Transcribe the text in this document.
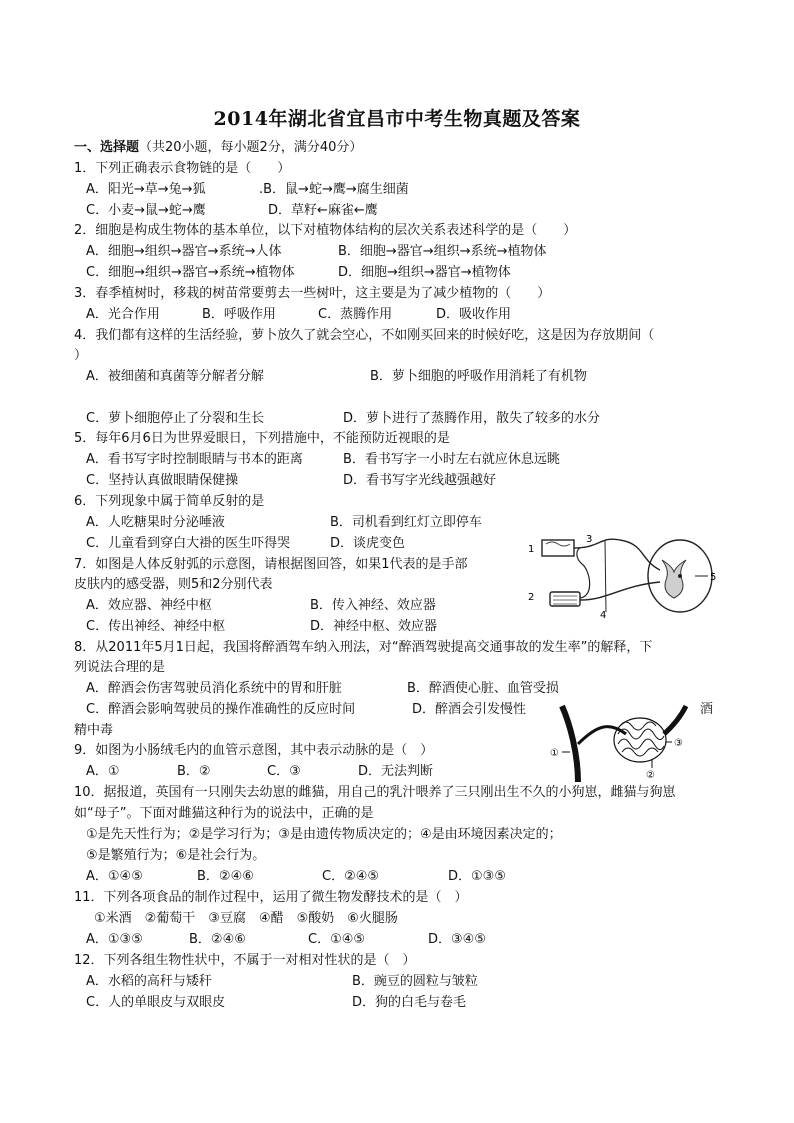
2014年湖北省宜昌市中考生物真题及答案
一、选择题（共20小题，每小题2分，满分40分）
1．下列正确表示食物链的是（　　）
A．阳光→草→兔→狐	.B．鼠→蛇→鹰→腐生细菌
C．小麦→鼠→蛇→鹰	D．草籽←麻雀←鹰
2．细胞是构成生物体的基本单位，以下对植物体结构的层次关系表述科学的是（　　）
A．细胞→组织→器官→系统→人体	B．细胞→器官→组织→系统→植物体
C．细胞→组织→器官→系统→植物体	D．细胞→组织→器官→植物体
3．春季植树时，移栽的树苗常要剪去一些树叶，这主要是为了减少植物的（　　）
A．光合作用	B．呼吸作用	C．蒸腾作用	D．吸收作用
4．我们都有这样的生活经验，萝卜放久了就会空心，不如刚买回来的时候好吃，这是因为存放期间（
）
A．被细菌和真菌等分解者分解	B．萝卜细胞的呼吸作用消耗了有机物
C．萝卜细胞停止了分裂和生长	D．萝卜进行了蒸腾作用，散失了较多的水分
5．每年6月6日为世界爱眼日，下列措施中，不能预防近视眼的是
A．看书写字时控制眼睛与书本的距离	B．看书写字一小时左右就应休息远眺
C．坚持认真做眼睛保健操	D．看书写字光线越强越好
6．下列现象中属于简单反射的是
A．人吃糖果时分泌唾液	B．司机看到红灯立即停车
C．儿童看到穿白大褂的医生吓得哭	D．谈虎变色
7．如图是人体反射弧的示意图，请根据图回答，如果1代表的是手部
皮肤内的感受器，则5和2分别代表
A．效应器、神经中枢	B．传入神经、效应器
C．传出神经、神经中枢	D．神经中枢、效应器
1
2
3
4
5
8．从2011年5月1日起，我国将醉酒驾车纳入刑法，对“醉酒驾驶提高交通事故的发生率”的解释，下
列说法合理的是
A．醉酒会伤害驾驶员消化系统中的胃和肝脏	B．醉酒使心脏、血管受损
C．醉酒会影响驾驶员的操作准确性的反应时间	D．醉酒会引发慢性	酒
精中毒
①
②
③
9．如图为小肠绒毛内的血管示意图，其中表示动脉的是（　）
A．①	B．②	C．③	D．无法判断
10．据报道，英国有一只刚失去幼崽的雌猫，用自己的乳汁喂养了三只刚出生不久的小狗崽，雌猫与狗崽
如“母子”。下面对雌猫这种行为的说法中，正确的是
①是先天性行为；②是学习行为；③是由遗传物质决定的；④是由环境因素决定的；
⑤是繁殖行为；⑥是社会行为。
A．①④⑤	B．②④⑥	C．②④⑤	D．①③⑤
11．下列各项食品的制作过程中，运用了微生物发酵技术的是（　）
①米酒　②葡萄干　③豆腐　④醋　⑤酸奶　⑥火腿肠
A．①③⑤	B．②④⑥	C．①④⑤	D．③④⑤
12．下列各组生物性状中，不属于一对相对性状的是（　）
A．水稻的高秆与矮秆	B．豌豆的圆粒与皱粒
C．人的单眼皮与双眼皮	D．狗的白毛与卷毛
